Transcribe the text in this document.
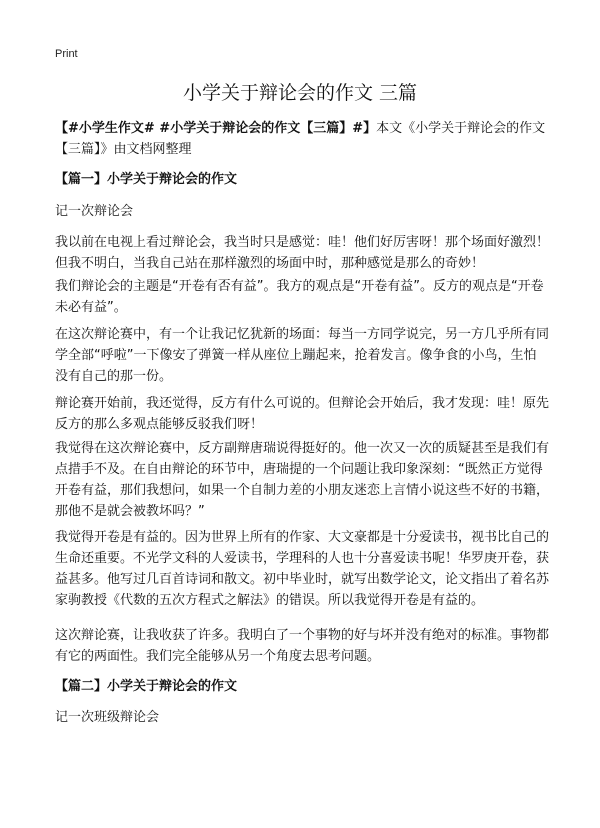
Print
小学关于辩论会的作文 三篇

【#小学生作文# #小学关于辩论会的作文【三篇】#】本文《小学关于辩论会的作文【三篇】》由文档网整理

【篇一】小学关于辩论会的作文

记一次辩论会

我以前在电视上看过辩论会，我当时只是感觉：哇！他们好厉害呀！那个场面好激烈！但我不明白，当我自己站在那样激烈的场面中时，那种感觉是那么的奇妙！

我们辩论会的主题是“开卷有否有益”。我方的观点是“开卷有益”。反方的观点是“开卷未必有益”。

在这次辩论赛中，有一个让我记忆犹新的场面：每当一方同学说完，另一方几乎所有同学全部“呼啦”一下像安了弹簧一样从座位上蹦起来，抢着发言。像争食的小鸟，生怕没有自己的那一份。

辩论赛开始前，我还觉得，反方有什么可说的。但辩论会开始后，我才发现：哇！原先反方的那么多观点能够反驳我们呀！

我觉得在这次辩论赛中，反方副辩唐瑞说得挺好的。他一次又一次的质疑甚至是我们有点措手不及。在自由辩论的环节中，唐瑞提的一个问题让我印象深刻：“既然正方觉得开卷有益，那们我想问，如果一个自制力差的小朋友迷恋上言情小说这些不好的书籍，那他不是就会被教坏吗？”

我觉得开卷是有益的。因为世界上所有的作家、大文豪都是十分爱读书，视书比自己的生命还重要。不光学文科的人爱读书，学理科的人也十分喜爱读书呢！华罗庚开卷，获益甚多。他写过几百首诗词和散文。初中毕业时，就写出数学论文，论文指出了着名苏家驹教授《代数的五次方程式之解法》的错误。所以我觉得开卷是有益的。

这次辩论赛，让我收获了许多。我明白了一个事物的好与坏并没有绝对的标准。事物都有它的两面性。我们完全能够从另一个角度去思考问题。

【篇二】小学关于辩论会的作文

记一次班级辩论会
